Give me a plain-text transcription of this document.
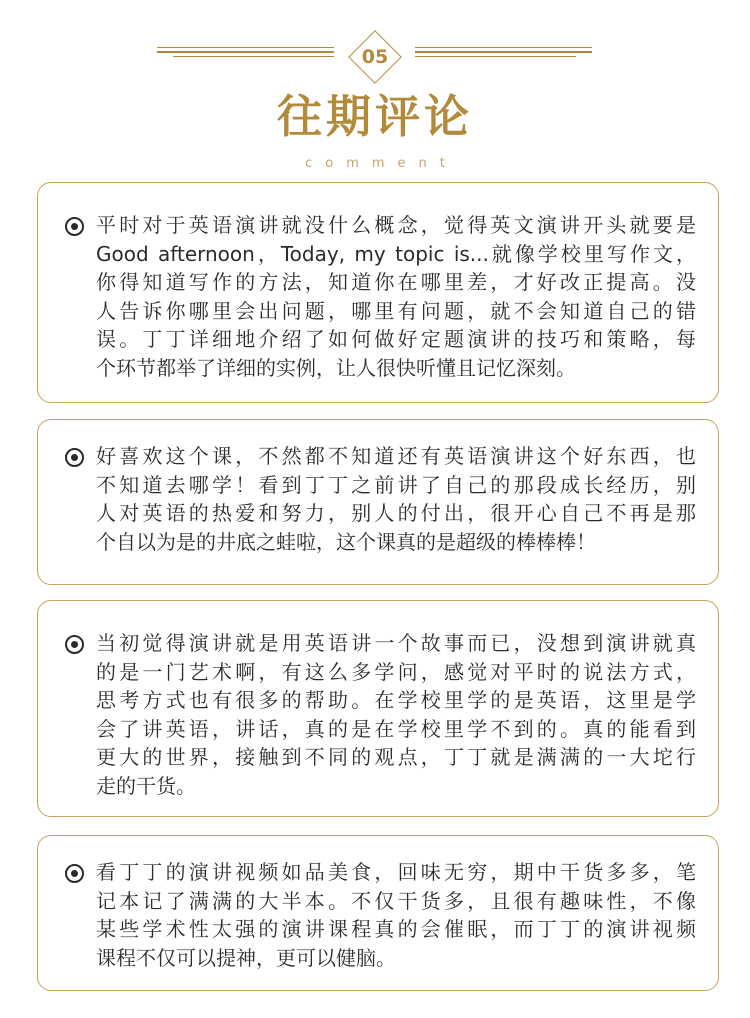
05
往期评论
comment
平时对于英语演讲就没什么概念，觉得英文演讲开头就要是
Good afternoon，Today, my topic is...就像学校里写作文，
你得知道写作的方法，知道你在哪里差，才好改正提高。没
人告诉你哪里会出问题，哪里有问题，就不会知道自己的错
误。丁丁详细地介绍了如何做好定题演讲的技巧和策略，每
个环节都举了详细的实例，让人很快听懂且记忆深刻。
好喜欢这个课，不然都不知道还有英语演讲这个好东西，也
不知道去哪学！看到丁丁之前讲了自己的那段成长经历，别
人对英语的热爱和努力，别人的付出，很开心自己不再是那
个自以为是的井底之蛙啦，这个课真的是超级的棒棒棒！
当初觉得演讲就是用英语讲一个故事而已，没想到演讲就真
的是一门艺术啊，有这么多学问，感觉对平时的说法方式，
思考方式也有很多的帮助。在学校里学的是英语，这里是学
会了讲英语，讲话，真的是在学校里学不到的。真的能看到
更大的世界，接触到不同的观点，丁丁就是满满的一大坨行
走的干货。
看丁丁的演讲视频如品美食，回味无穷，期中干货多多，笔
记本记了满满的大半本。不仅干货多，且很有趣味性，不像
某些学术性太强的演讲课程真的会催眠，而丁丁的演讲视频
课程不仅可以提神，更可以健脑。
